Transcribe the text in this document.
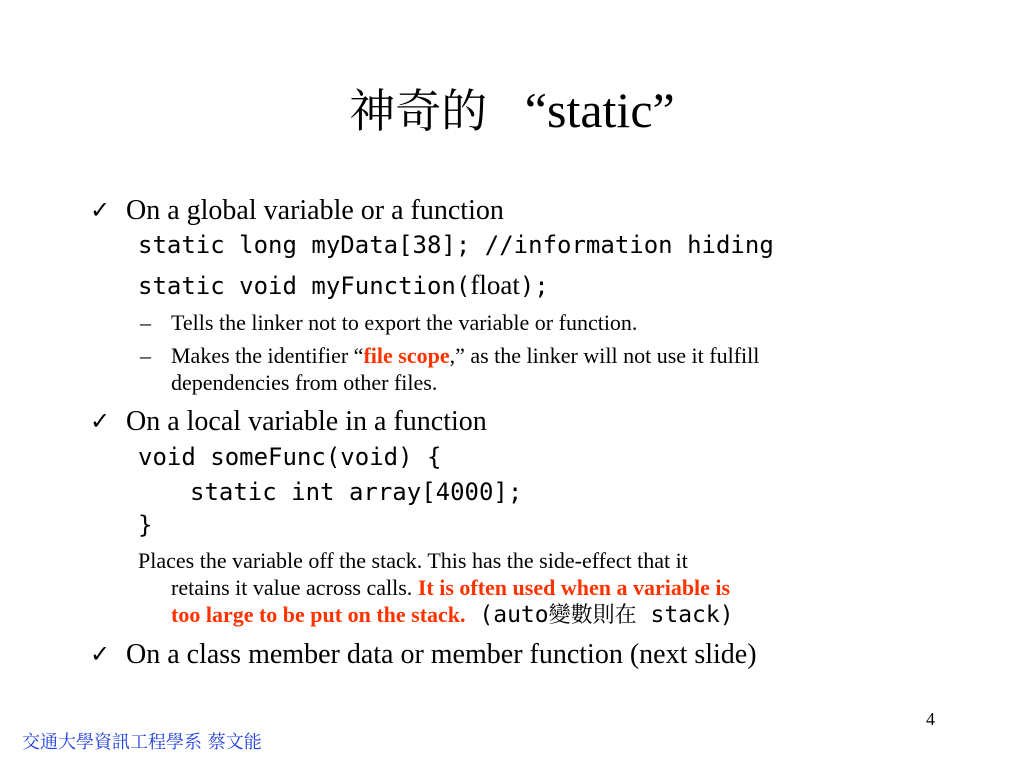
神奇的 “static”
✓ On a global variable or a function
static long myData[38]; //information hiding
static void myFunction(float);
– Tells the linker not to export the variable or function.
– Makes the identifier “file scope,” as the linker will not use it fulfill
dependencies from other files.
✓ On a local variable in a function
void someFunc(void) {
static int array[4000];
}
Places the variable off the stack. This has the side-effect that it
retains it value across calls. It is often used when a variable is
too large to be put on the stack. (auto變數則在 stack)
✓ On a class member data or member function (next slide)
4
交通大學資訊工程學系 蔡文能
